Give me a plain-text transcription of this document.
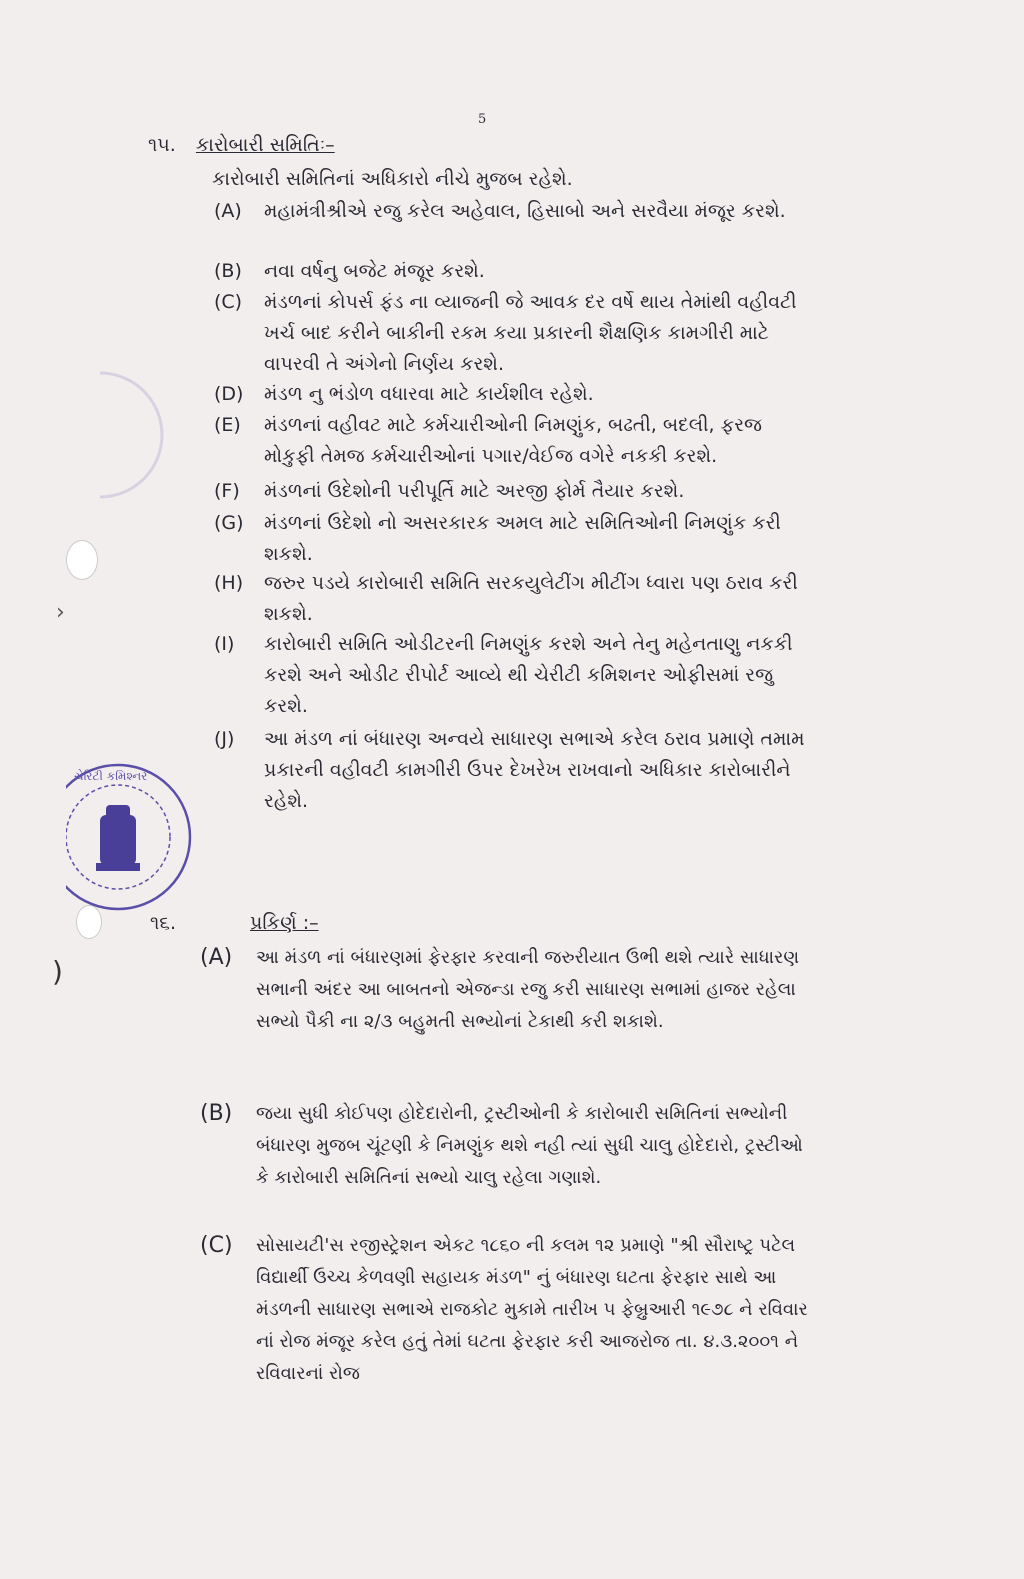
5
૧૫. કારોબારી સમિતિઃ–
કારોબારી સમિતિનાં અધિકારો નીચે મુજબ રહેશે.
(A)	મહામંત્રીશ્રીએ રજુ કરેલ અહેવાલ, હિસાબો અને સરવૈયા મંજૂર કરશે.
(B)	નવા વર્ષનુ બજેટ મંજૂર કરશે.
(C)	મંડળનાં કોપર્સ ફંડ ના વ્યાજની જે આવક દર વર્ષે થાય તેમાંથી વહીવટી ખર્ચ બાદ કરીને બાકીની રકમ કયા પ્રકારની શૈક્ષણિક કામગીરી માટે વાપરવી તે અંગેનો નિર્ણય કરશે.
(D)	મંડળ નુ ભંડોળ વધારવા માટે કાર્યશીલ રહેશે.
(E)	મંડળનાં વહીવટ માટે કર્મચારીઓની નિમણુંક, બઢતી, બદલી, ફરજ મોકુફી તેમજ કર્મચારીઓનાં પગાર/વેઈજ વગેરે નકકી કરશે.
(F)	મંડળનાં ઉદેશોની પરીપૂર્તિ માટે અરજી ફોર્મ તૈયાર કરશે.
(G)	મંડળનાં ઉદેશો નો અસરકારક અમલ માટે સમિતિઓની નિમણુંક કરી શકશે.
(H)	જરુર પડયે કારોબારી સમિતિ સરકયુલેટીંગ મીટીંગ ધ્વારા પણ ઠરાવ કરી શકશે.
(I)	કારોબારી સમિતિ ઓડીટરની નિમણુંક કરશે અને તેનુ મહેનતાણુ નકકી કરશે અને ઓડીટ રીપોર્ટ આવ્યે થી ચેરીટી કમિશનર ઓફીસમાં રજુ કરશે.
(J)	આ મંડળ નાં બંધારણ અન્વયે સાધારણ સભાએ કરેલ ઠરાવ પ્રમાણે તમામ પ્રકારની વહીવટી કામગીરી ઉપર દેખરેખ રાખવાનો અધિકાર કારોબારીને રહેશે.
૧૬.	પ્રકિર્ણ :–
(A)	આ મંડળ નાં બંધારણમાં ફેરફાર કરવાની જરુરીયાત ઉભી થશે ત્યારે સાધારણ સભાની અંદર આ બાબતનો એજન્ડા રજુ કરી સાધારણ સભામાં હાજર રહેલા સભ્યો પૈકી ના ૨/૩ બહુમતી સભ્યોનાં ટેકાથી કરી શકાશે.
(B)	જયા સુધી કોઈપણ હોદેદારોની, ટ્રસ્ટીઓની કે કારોબારી સમિતિનાં સભ્યોની બંધારણ મુજબ ચૂંટણી કે નિમણુંક થશે નહી ત્યાં સુધી ચાલુ હોદેદારો, ટ્રસ્ટીઓ કે કારોબારી સમિતિનાં સભ્યો ચાલુ રહેલા ગણાશે.
(C)	સોસાયટી'સ રજીસ્ટ્રેશન એકટ ૧૮૬૦ ની કલમ ૧૨ પ્રમાણે "શ્રી સૌરાષ્ટ્ર પટેલ વિદ્યાર્થી ઉચ્ચ કેળવણી સહાયક મંડળ" નું બંધારણ ઘટતા ફેરફાર સાથે આ મંડળની સાધારણ સભાએ રાજકોટ મુકામે તારીખ ૫ ફેબ્રુઆરી ૧૯૭૮ ને રવિવાર નાં રોજ મંજૂર કરેલ હતું તેમાં ઘટતા ફેરફાર કરી આજરોજ તા. ૪.૩.૨૦૦૧ ને રવિવારનાં રોજ
›
)
ચેરિટી કમિશ્નર
